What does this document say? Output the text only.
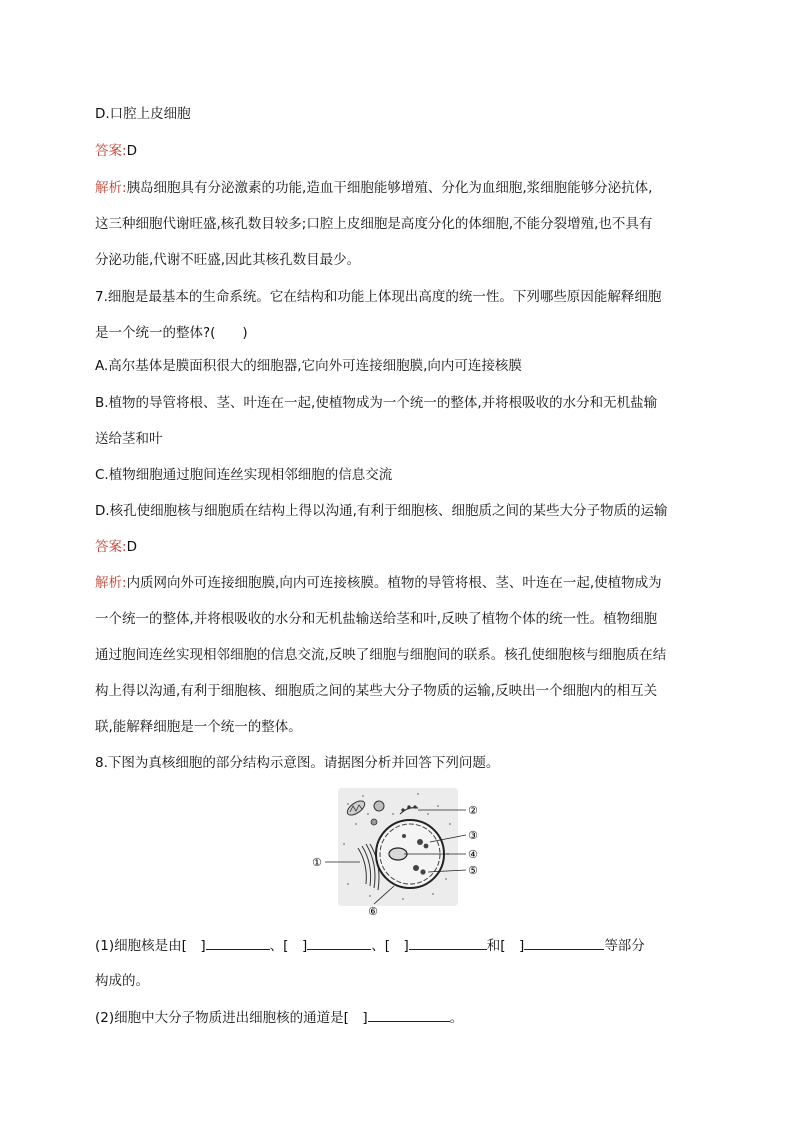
D.口腔上皮细胞
答案:D
解析:胰岛细胞具有分泌激素的功能,造血干细胞能够增殖、分化为血细胞,浆细胞能够分泌抗体,
这三种细胞代谢旺盛,核孔数目较多;口腔上皮细胞是高度分化的体细胞,不能分裂增殖,也不具有
分泌功能,代谢不旺盛,因此其核孔数目最少。
7.细胞是最基本的生命系统。它在结构和功能上体现出高度的统一性。下列哪些原因能解释细胞
是一个统一的整体?(　　)
A.高尔基体是膜面积很大的细胞器,它向外可连接细胞膜,向内可连接核膜
B.植物的导管将根、茎、叶连在一起,使植物成为一个统一的整体,并将根吸收的水分和无机盐输
送给茎和叶
C.植物细胞通过胞间连丝实现相邻细胞的信息交流
D.核孔使细胞核与细胞质在结构上得以沟通,有利于细胞核、细胞质之间的某些大分子物质的运输
答案:D
解析:内质网向外可连接细胞膜,向内可连接核膜。植物的导管将根、茎、叶连在一起,使植物成为
一个统一的整体,并将根吸收的水分和无机盐输送给茎和叶,反映了植物个体的统一性。植物细胞
通过胞间连丝实现相邻细胞的信息交流,反映了细胞与细胞间的联系。核孔使细胞核与细胞质在结
构上得以沟通,有利于细胞核、细胞质之间的某些大分子物质的运输,反映出一个细胞内的相互关
联,能解释细胞是一个统一的整体。
8.下图为真核细胞的部分结构示意图。请据图分析并回答下列问题。
②
③
④
⑤
①
⑥
(1)细胞核是由[　]	、[　]	、[　]	和[　]	等部分
构成的。
(2)细胞中大分子物质进出细胞核的通道是[　]	。
